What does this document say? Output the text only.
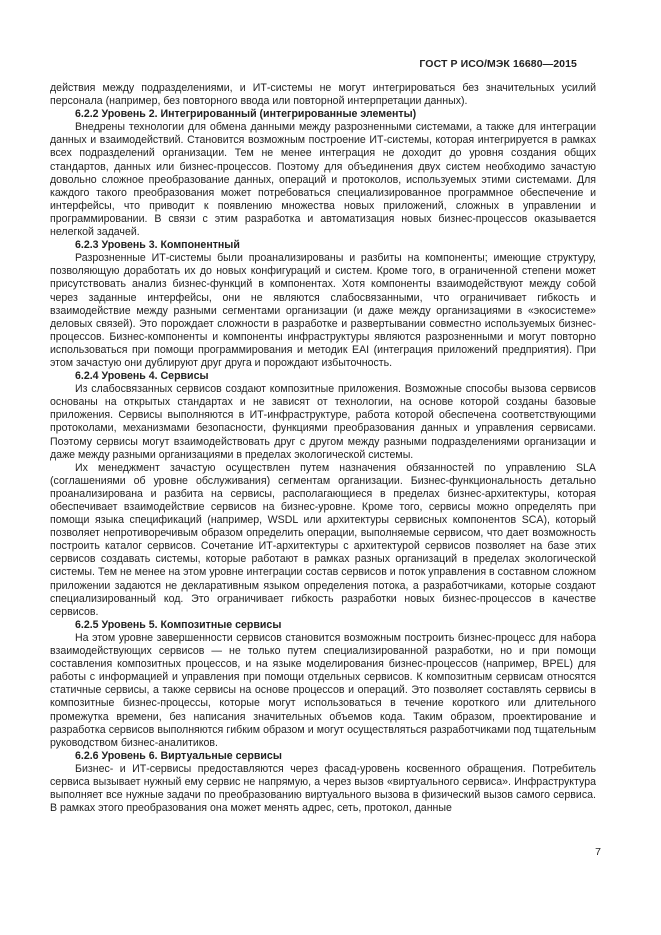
ГОСТ Р ИСО/МЭК 16680—2015

действия между подразделениями, и ИТ-системы не могут интегрироваться без значительных усилий персонала (например, без повторного ввода или повторной интерпретации данных).

6.2.2 Уровень 2. Интегрированный (интегрированные элементы)

Внедрены технологии для обмена данными между разрозненными системами, а также для интеграции данных и взаимодействий. Становится возможным построение ИТ-системы, которая интегрируется в рамках всех подразделений организации. Тем не менее интеграция не доходит до уровня создания общих стандартов, данных или бизнес-процессов. Поэтому для объединения двух систем необходимо зачастую довольно сложное преобразование данных, операций и протоколов, используемых этими системами. Для каждого такого преобразования может потребоваться специализированное программное обеспечение и интерфейсы, что приводит к появлению множества новых приложений, сложных в управлении и программировании. В связи с этим разработка и автоматизация новых бизнес-процессов оказывается нелегкой задачей.

6.2.3 Уровень 3. Компонентный

Разрозненные ИТ-системы были проанализированы и разбиты на компоненты; имеющие структуру, позволяющую доработать их до новых конфигураций и систем. Кроме того, в ограниченной степени может присутствовать анализ бизнес-функций в компонентах. Хотя компоненты взаимодействуют между собой через заданные интерфейсы, они не являются слабосвязанными, что ограничивает гибкость и взаимодействие между разными сегментами организации (и даже между организациями в «экосистеме» деловых связей). Это порождает сложности в разработке и развертывании совместно используемых бизнес-процессов. Бизнес-компоненты и компоненты инфраструктуры являются разрозненными и могут повторно использоваться при помощи программирования и методик EAI (интеграция приложений предприятия). При этом зачастую они дублируют друг друга и порождают избыточность.

6.2.4 Уровень 4. Сервисы

Из слабосвязанных сервисов создают композитные приложения. Возможные способы вызова сервисов основаны на открытых стандартах и не зависят от технологии, на основе которой созданы базовые приложения. Сервисы выполняются в ИТ-инфраструктуре, работа которой обеспечена соответствующими протоколами, механизмами безопасности, функциями преобразования данных и управления сервисами. Поэтому сервисы могут взаимодействовать друг с другом между разными подразделениями организации и даже между разными организациями в пределах экологической системы.

Их менеджмент зачастую осуществлен путем назначения обязанностей по управлению SLA (соглашениями об уровне обслуживания) сегментам организации. Бизнес-функциональность детально проанализирована и разбита на сервисы, располагающиеся в пределах бизнес-архитектуры, которая обеспечивает взаимодействие сервисов на бизнес-уровне. Кроме того, сервисы можно определять при помощи языка спецификаций (например, WSDL или архитектуры сервисных компонентов SCA), который позволяет непротиворечивым образом определить операции, выполняемые сервисом, что дает возможность построить каталог сервисов. Сочетание ИТ-архитектуры с архитектурой сервисов позволяет на базе этих сервисов создавать системы, которые работают в рамках разных организаций в пределах экологической системы. Тем не менее на этом уровне интеграции состав сервисов и поток управления в составном сложном приложении задаются не декларативным языком определения потока, а разработчиками, которые создают специализированный код. Это ограничивает гибкость разработки новых бизнес-процессов в качестве сервисов.

6.2.5 Уровень 5. Композитные сервисы

На этом уровне завершенности сервисов становится возможным построить бизнес-процесс для набора взаимодействующих сервисов — не только путем специализированной разработки, но и при помощи составления композитных процессов, и на языке моделирования бизнес-процессов (например, BPEL) для работы с информацией и управления при помощи отдельных сервисов. К композитным сервисам относятся статичные сервисы, а также сервисы на основе процессов и операций. Это позволяет составлять сервисы в композитные бизнес-процессы, которые могут использоваться в течение короткого или длительного промежутка времени, без написания значительных объемов кода. Таким образом, проектирование и разработка сервисов выполняются гибким образом и могут осуществляться разработчиками под тщательным руководством бизнес-аналитиков.

6.2.6 Уровень 6. Виртуальные сервисы

Бизнес- и ИТ-сервисы предоставляются через фасад-уровень косвенного обращения. Потребитель сервиса вызывает нужный ему сервис не напрямую, а через вызов «виртуального сервиса». Инфраструктура выполняет все нужные задачи по преобразованию виртуального вызова в физический вызов самого сервиса. В рамках этого преобразования она может менять адрес, сеть, протокол, данные

7
